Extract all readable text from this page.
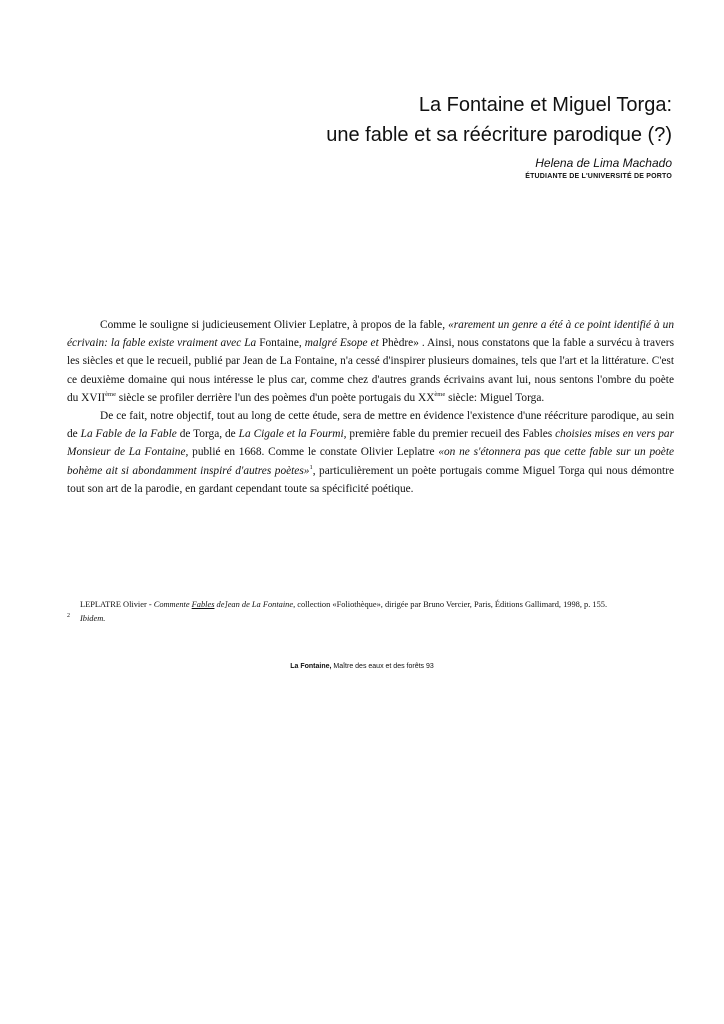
La Fontaine et Miguel Torga:
une fable et sa réécriture parodique (?)
Helena de Lima Machado
ÉTUDIANTE DE L'UNIVERSITÉ DE PORTO

Comme le souligne si judicieusement Olivier Leplatre, à propos de la fable, «rarement un genre a été à ce point identifié à un écrivain: la fable existe vraiment avec La Fontaine, malgré Esope et Phèdre» . Ainsi, nous constatons que la fable a survécu à travers les siècles et que le recueil, publié par Jean de La Fontaine, n'a cessé d'inspirer plusieurs domaines, tels que l'art et la littérature. C'est ce deuxième domaine qui nous intéresse le plus car, comme chez d'autres grands écrivains avant lui, nous sentons l'ombre du poète du XVIIème siècle se profiler derrière l'un des poèmes d'un poète portugais du XXème siècle: Miguel Torga.

De ce fait, notre objectif, tout au long de cette étude, sera de mettre en évidence l'existence d'une réécriture parodique, au sein de La Fable de la Fable de Torga, de La Cigale et la Fourmi, première fable du premier recueil des Fables choisies mises en vers par Monsieur de La Fontaine, publié en 1668. Comme le constate Olivier Leplatre «on ne s'étonnera pas que cette fable sur un poète bohème ait si abondamment inspiré d'autres poètes»$^1$, particulièrement un poète portugais comme Miguel Torga qui nous démontre tout son art de la parodie, en gardant cependant toute sa spécificité poétique.

LEPLATRE Olivier - Commente Fables de]ean de La Fontaine, collection «Foliothèque», dirigée par Bruno Vercier, Paris, Éditions Gallimard, 1998, p. 155.
2 Ibidem.
La Fontaine, Maître des eaux et des forêts 93
